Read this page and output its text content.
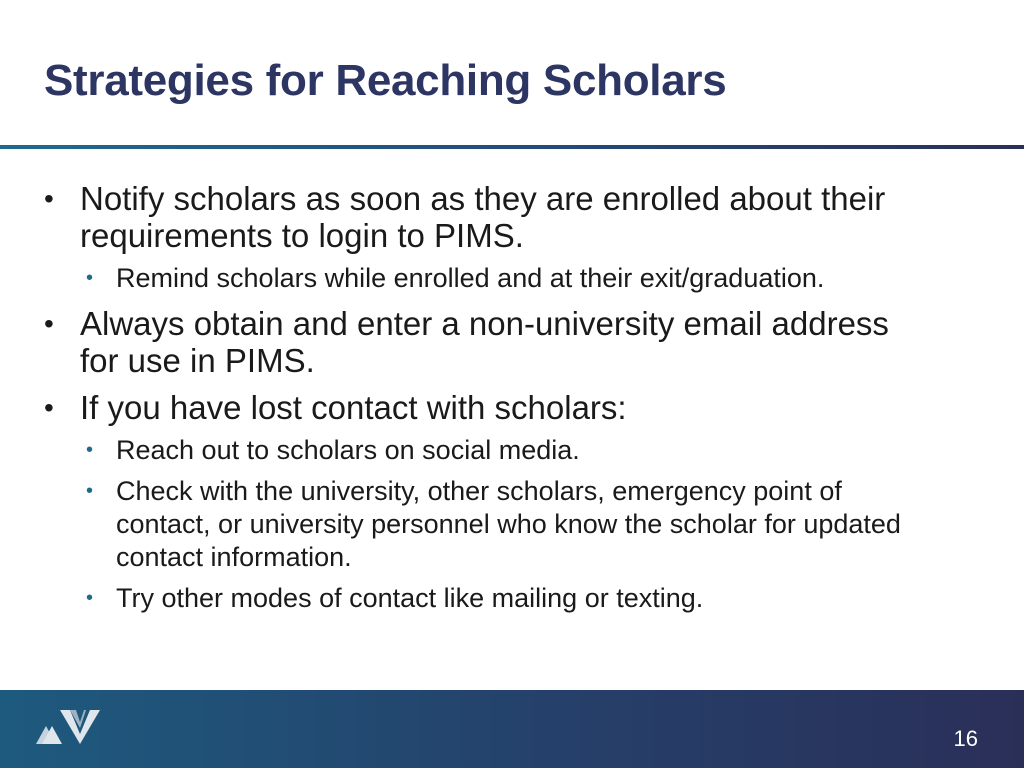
Strategies for Reaching Scholars
• Notify scholars as soon as they are enrolled about their requirements to login to PIMS.
• Remind scholars while enrolled and at their exit/graduation.
• Always obtain and enter a non-university email address for use in PIMS.
• If you have lost contact with scholars:
• Reach out to scholars on social media.
• Check with the university, other scholars, emergency point of contact, or university personnel who know the scholar for updated contact information.
• Try other modes of contact like mailing or texting.
16
